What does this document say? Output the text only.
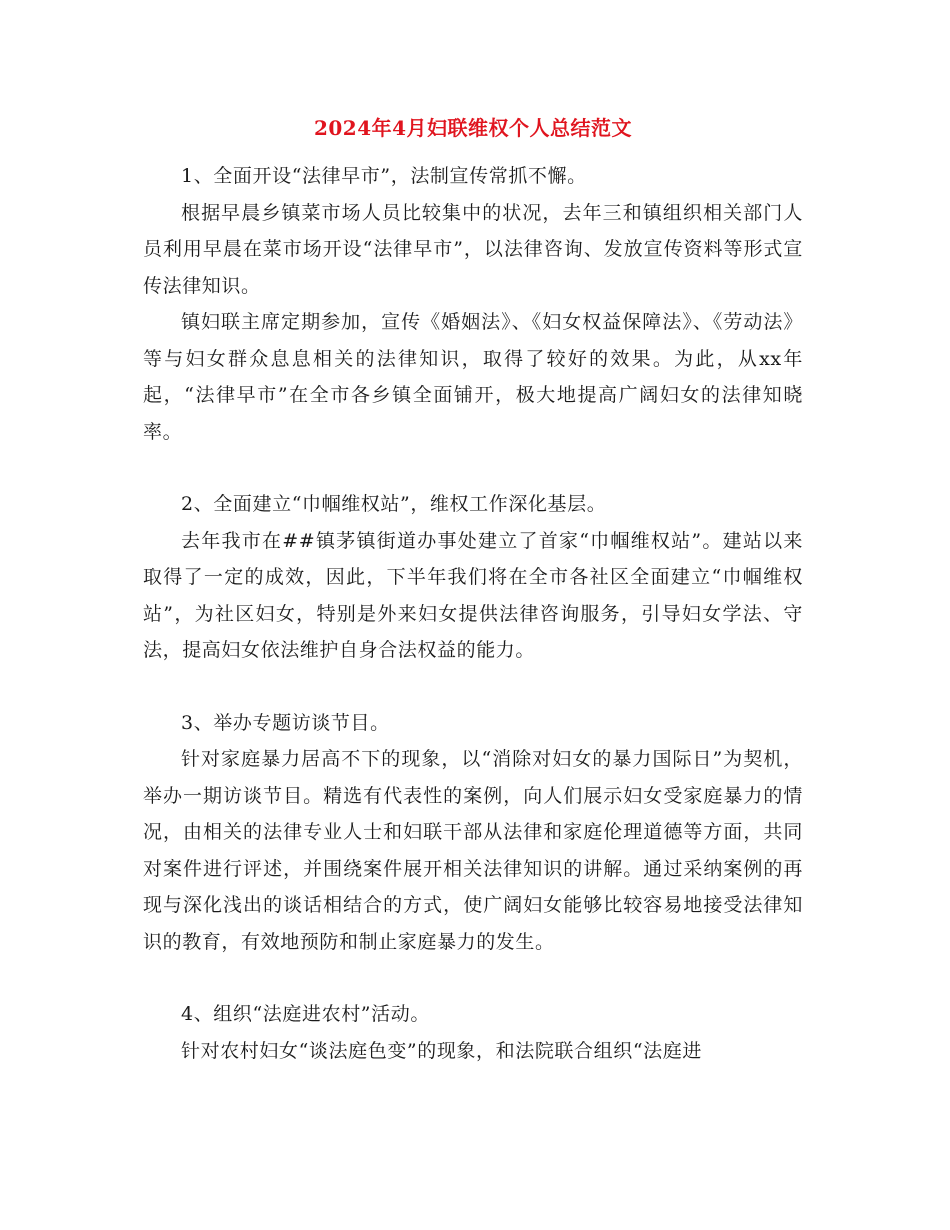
2024年4月妇联维权个人总结范文

1、全面开设“法律早市”，法制宣传常抓不懈。

根据早晨乡镇菜市场人员比较集中的状况，去年三和镇组织相关部门人员利用早晨在菜市场开设“法律早市”，以法律咨询、发放宣传资料等形式宣传法律知识。

镇妇联主席定期参加，宣传《婚姻法》、《妇女权益保障法》、《劳动法》等与妇女群众息息相关的法律知识，取得了较好的效果。为此，从xx年起，“法律早市”在全市各乡镇全面铺开，极大地提高广阔妇女的法律知晓率。

2、全面建立“巾帼维权站”，维权工作深化基层。

去年我市在##镇茅镇街道办事处建立了首家“巾帼维权站”。建站以来取得了一定的成效，因此，下半年我们将在全市各社区全面建立“巾帼维权站”，为社区妇女，特别是外来妇女提供法律咨询服务，引导妇女学法、守法，提高妇女依法维护自身合法权益的能力。

3、举办专题访谈节目。

针对家庭暴力居高不下的现象，以“消除对妇女的暴力国际日”为契机，举办一期访谈节目。精选有代表性的案例，向人们展示妇女受家庭暴力的情况，由相关的法律专业人士和妇联干部从法律和家庭伦理道德等方面，共同对案件进行评述，并围绕案件展开相关法律知识的讲解。通过采纳案例的再现与深化浅出的谈话相结合的方式，使广阔妇女能够比较容易地接受法律知识的教育，有效地预防和制止家庭暴力的发生。

4、组织“法庭进农村”活动。

针对农村妇女“谈法庭色变”的现象，和法院联合组织“法庭进
